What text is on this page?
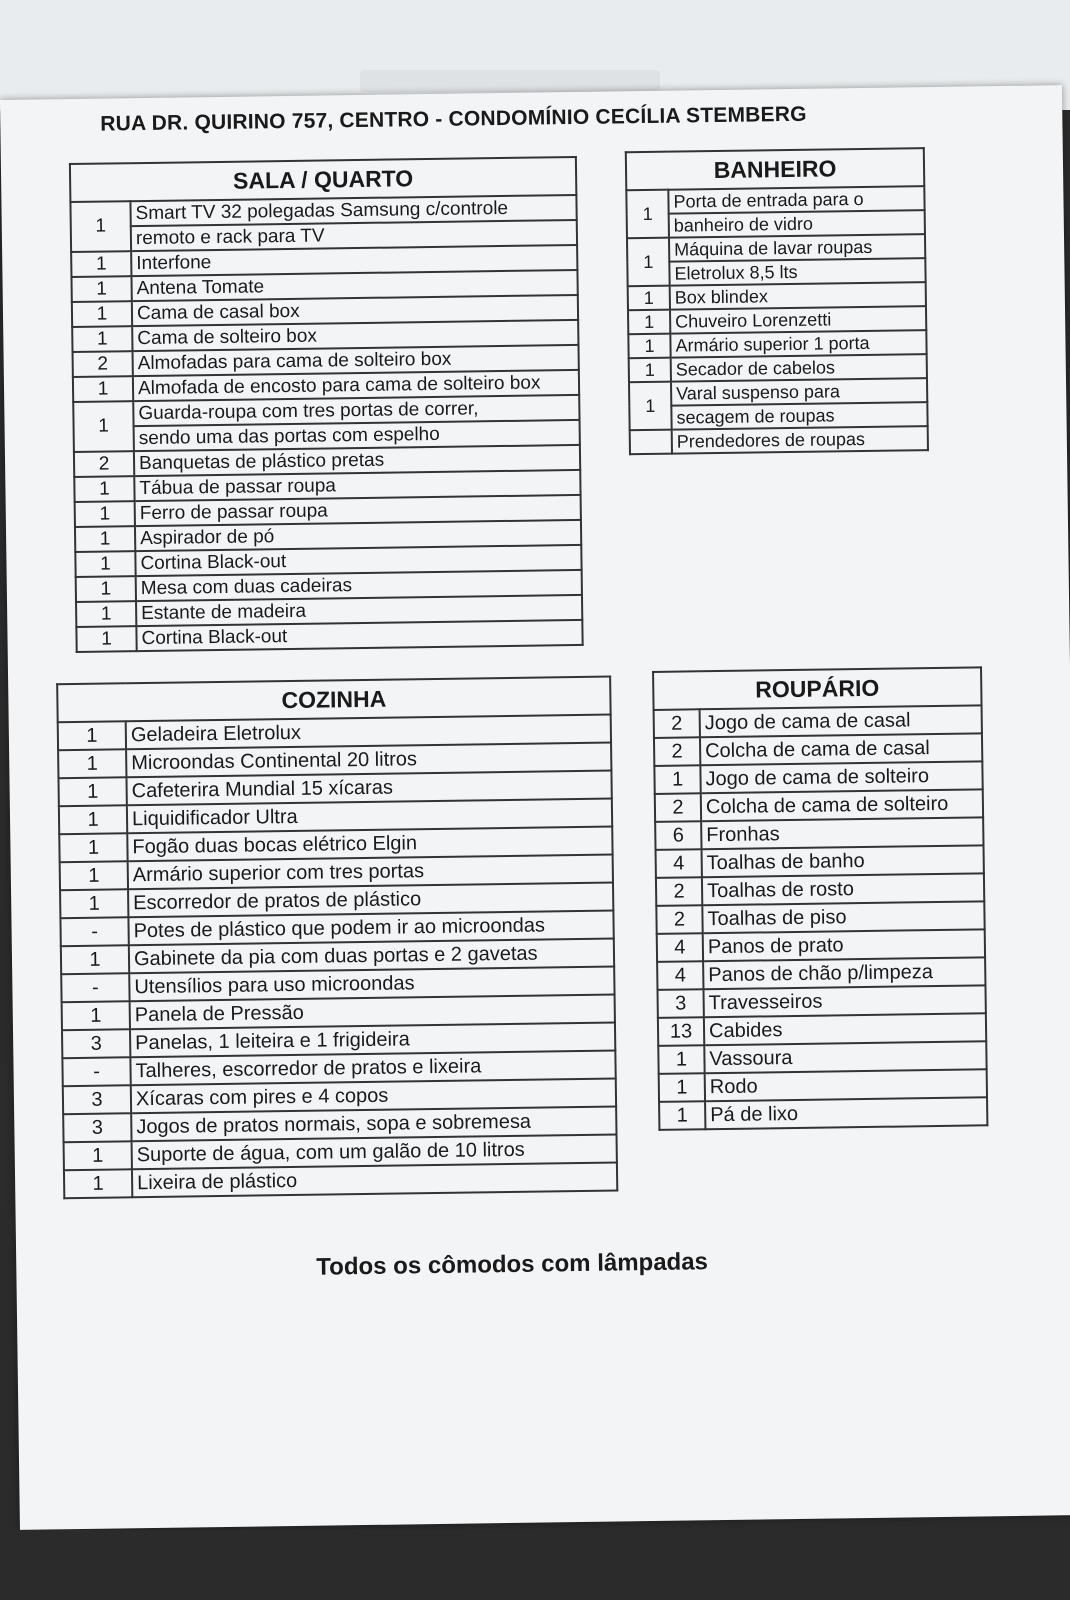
RUA DR. QUIRINO 757, CENTRO - CONDOMÍNIO CECÍLIA STEMBERG
SALA / QUARTO	
1	Smart TV 32 polegadas Samsung c/controle
	remoto e rack para TV
1	Interfone
1	Antena Tomate
1	Cama de casal box
1	Cama de solteiro box
2	Almofadas para cama de solteiro box
1	Almofada de encosto para cama de solteiro box
1	Guarda-roupa com tres portas de correr,
	sendo uma das portas com espelho
2	Banquetas de plástico pretas
1	Tábua de passar roupa
1	Ferro de passar roupa
1	Aspirador de pó
1	Cortina Black-out
1	Mesa com duas cadeiras
1	Estante de madeira
1	Cortina Black-out
BANHEIRO	
1	Porta de entrada para o
	banheiro de vidro
1	Máquina de lavar roupas
	Eletrolux 8,5 lts
1	Box blindex
1	Chuveiro Lorenzetti
1	Armário superior 1 porta
1	Secador de cabelos
1	Varal suspenso para
	secagem de roupas
	Prendedores de roupas
COZINHA	
1	Geladeira Eletrolux
1	Microondas Continental 20 litros
1	Cafeterira Mundial 15 xícaras
1	Liquidificador Ultra
1	Fogão duas bocas elétrico Elgin
1	Armário superior com tres portas
1	Escorredor de pratos de plástico
-	Potes de plástico que podem ir ao microondas
1	Gabinete da pia com duas portas e 2 gavetas
-	Utensílios para uso microondas
1	Panela de Pressão
3	Panelas, 1 leiteira e 1 frigideira
-	Talheres, escorredor de pratos e lixeira
3	Xícaras com pires e 4 copos
3	Jogos de pratos normais, sopa e sobremesa
1	Suporte de água, com um galão de 10 litros
1	Lixeira de plástico
ROUPÁRIO	
2	Jogo de cama de casal
2	Colcha de cama de casal
1	Jogo de cama de solteiro
2	Colcha de cama de solteiro
6	Fronhas
4	Toalhas de banho
2	Toalhas de rosto
2	Toalhas de piso
4	Panos de prato
4	Panos de chão p/limpeza
3	Travesseiros
13	Cabides
1	Vassoura
1	Rodo
1	Pá de lixo
Todos os cômodos com lâmpadas
